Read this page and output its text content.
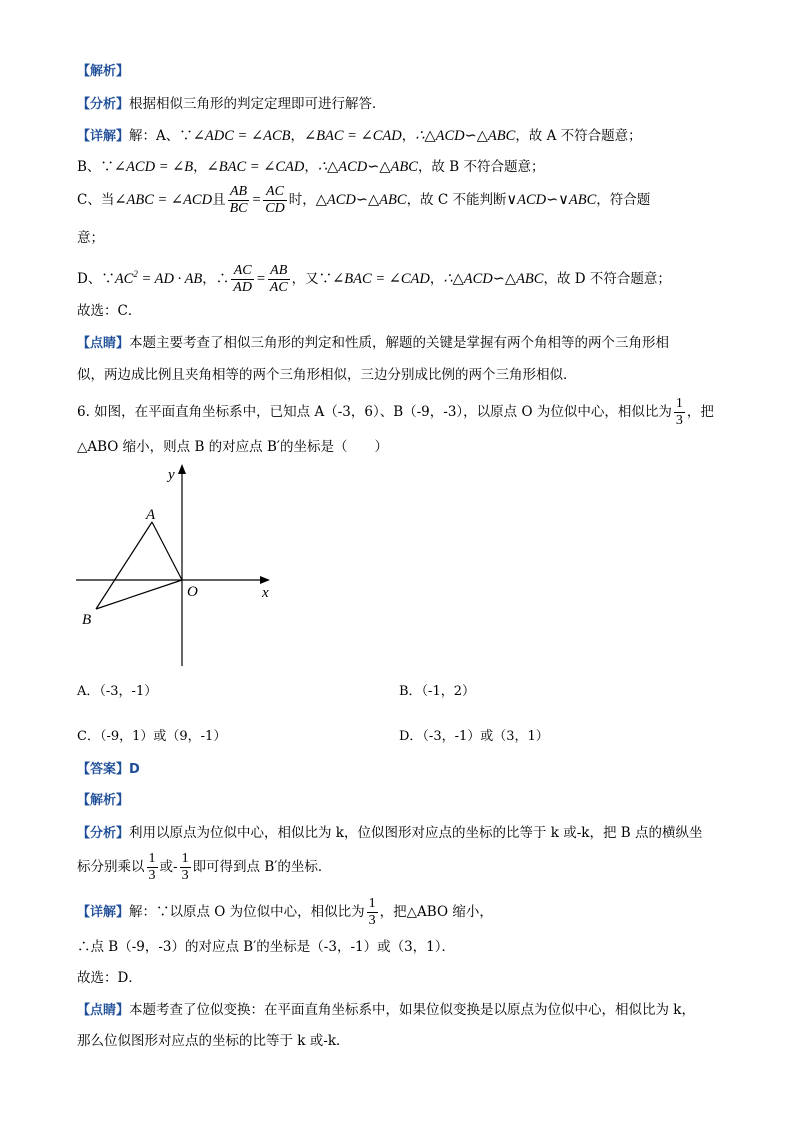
【解析】
【分析】根据相似三角形的判定定理即可进行解答．
【详解】解：A、∵∠ADC = ∠ACB，∠BAC = ∠CAD，∴△ACD∽△ABC，故 A 不符合题意；
B、∵∠ACD = ∠B，∠BAC = ∠CAD，∴△ACD∽△ABC，故 B 不符合题意；
C、当∠ABC = ∠ACD且 $\frac{AB}{BC} = \frac{AC}{CD}$ 时，△ACD∽△ABC，故 C 不能判断∨ACD∽∨ABC，符合题
意；
D、$\because AC^2$ = AD · AB，∴ $\frac{AC}{AD} = \frac{AB}{AC}$ ，又∵∠BAC = ∠CAD，∴△ACD∽△ABC，故 D 不符合题意；
故选：C．
【点睛】本题主要考查了相似三角形的判定和性质，解题的关键是掌握有两个角相等的两个三角形相
似，两边成比例且夹角相等的两个三角形相似，三边分别成比例的两个三角形相似．
6. 如图，在平面直角坐标系中，已知点 A（-3，6）、B（-9，-3），以原点 O 为位似中心，相似比为 $\frac{1}{3}$ ，把
△ABO 缩小，则点 B 的对应点 B′的坐标是（　　）
y
x
O
A
B
A．（-3，-1）	B．（-1，2）
C．（-9，1）或（9，-1）	D．（-3，-1）或（3，1）
【答案】D
【解析】
【分析】利用以原点为位似中心，相似比为 k，位似图形对应点的坐标的比等于 k 或-k，把 B 点的横纵坐
标分别乘以 $\frac{1}{3}$ 或- $\frac{1}{3}$ 即可得到点 B′的坐标．
【详解】解：∵以原点 O 为位似中心，相似比为 $\frac{1}{3}$ ，把△ABO 缩小，
∴点 B（-9，-3）的对应点 B′的坐标是（-3，-1）或（3，1）．
故选：D．
【点睛】本题考查了位似变换：在平面直角坐标系中，如果位似变换是以原点为位似中心，相似比为 k，
那么位似图形对应点的坐标的比等于 k 或-k．
